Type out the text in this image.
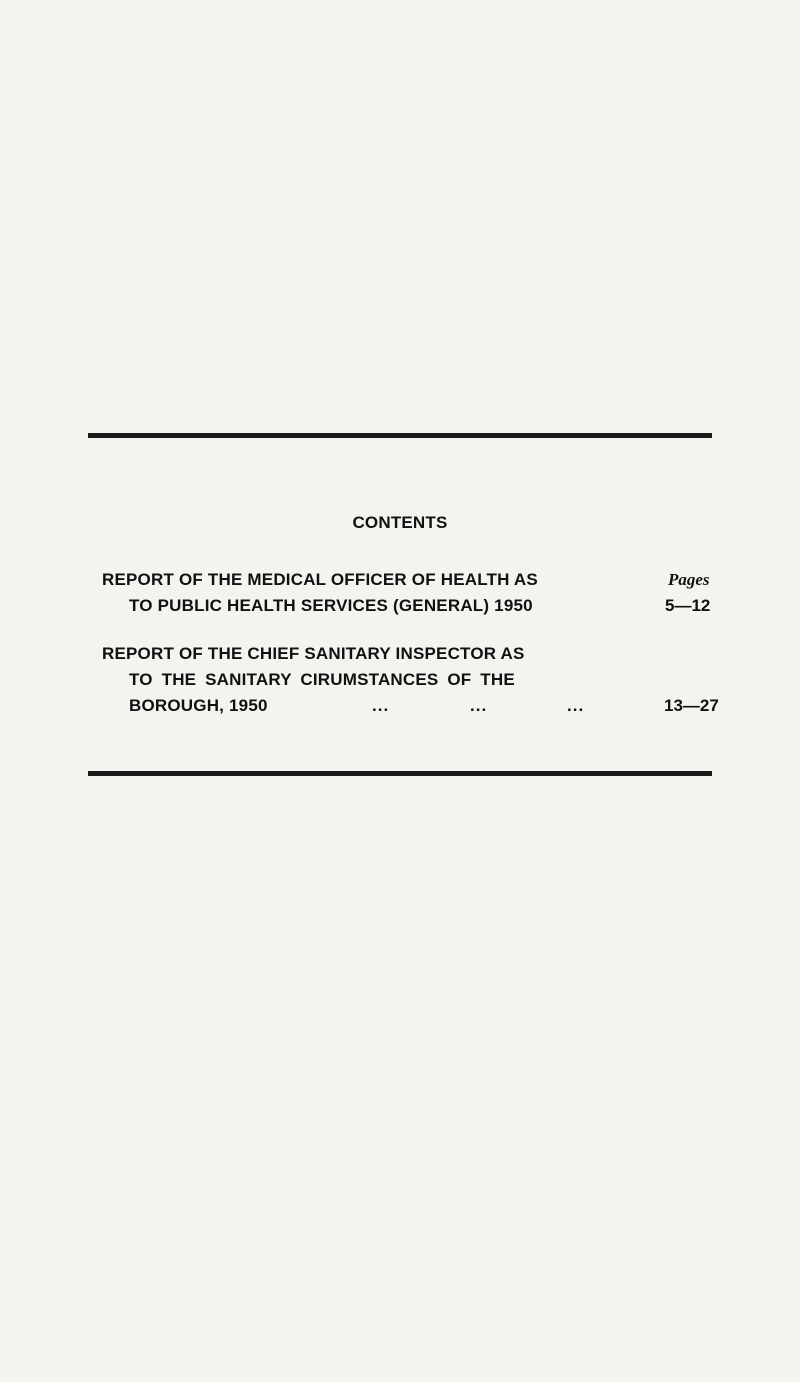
CONTENTS
Pages
REPORT OF THE MEDICAL OFFICER OF HEALTH AS
TO PUBLIC HEALTH SERVICES (GENERAL) 1950	5—12
REPORT OF THE CHIEF SANITARY INSPECTOR AS
TO THE SANITARY CIRUMSTANCES OF THE
BOROUGH, 1950	...	...	...	13—27
